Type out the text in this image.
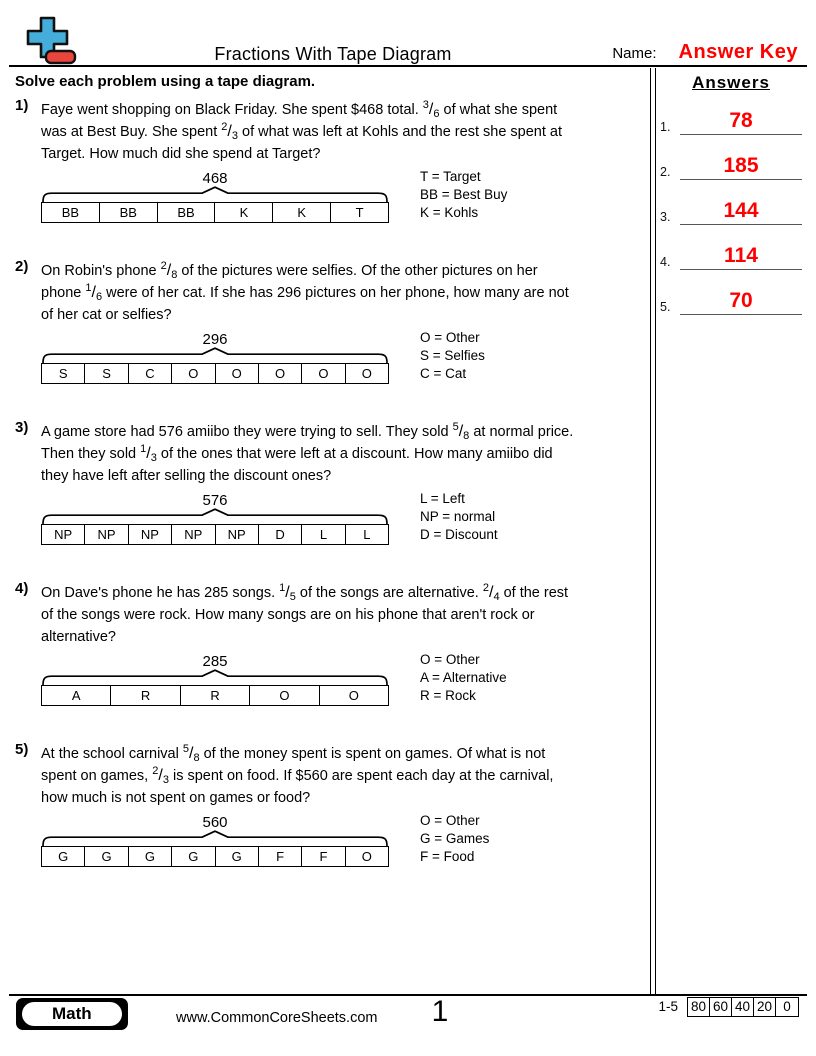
Fractions With Tape Diagram	Name: Answer Key
Solve each problem using a tape diagram.
1) Faye went shopping on Black Friday. She spent $468 total. $^3/_6$ of what she spent
was at Best Buy. She spent $^2/_3$ of what was left at Kohls and the rest she spent at
Target. How much did she spend at Target?
468
BB	BB	BB	K	K	T
T = Target
BB = Best Buy
K = Kohls
2) On Robin's phone $^2/_8$ of the pictures were selfies. Of the other pictures on her
phone $^1/_6$ were of her cat. If she has 296 pictures on her phone, how many are not
of her cat or selfies?
296
S	S	C	O	O	O	O	O
O = Other
S = Selfies
C = Cat
3) A game store had 576 amiibo they were trying to sell. They sold $^5/_8$ at normal price.
Then they sold $^1/_3$ of the ones that were left at a discount. How many amiibo did
they have left after selling the discount ones?
576
NP	NP	NP	NP	NP	D	L	L
L = Left
NP = normal
D = Discount
4) On Dave's phone he has 285 songs. $^1/_5$ of the songs are alternative. $^2/_4$ of the rest
of the songs were rock. How many songs are on his phone that aren't rock or
alternative?
285
A	R	R	O	O
O = Other
A = Alternative
R = Rock
5) At the school carnival $^5/_8$ of the money spent is spent on games. Of what is not
spent on games, $^2/_3$ is spent on food. If $560 are spent each day at the carnival,
how much is not spent on games or food?
560
G	G	G	G	G	F	F	O
O = Other
G = Games
F = Food
Answers
1.	78
2.	185
3.	144
4.	114
5.	70
Math	www.CommonCoreSheets.com	1	1-5 80 60 40 20 0
